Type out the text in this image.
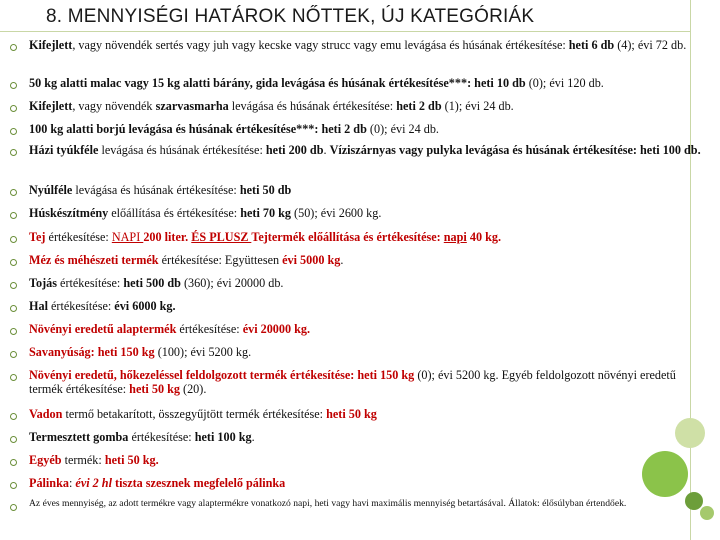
8. MENNYISÉGI HATÁROK NŐTTEK, ÚJ KATEGÓRIÁK
Kifejlett, vagy növendék sertés vagy juh vagy kecske vagy strucc vagy emu levágása és húsának értékesítése: heti 6 db (4); évi 72 db.
50 kg alatti malac vagy 15 kg alatti bárány, gida levágása és húsának értékesítése***: heti 10 db (0); évi 120 db.
Kifejlett, vagy növendék szarvasmarha levágása és húsának értékesítése: heti 2 db (1); évi 24 db.
100 kg alatti borjú levágása és húsának értékesítése***: heti 2 db (0); évi 24 db.
Házi tyúkféle levágása és húsának értékesítése: heti 200 db. Víziszárnyas vagy pulyka levágása és húsának értékesítése: heti 100 db.
Nyúlféle levágása és húsának értékesítése: heti 50 db
Húskészítmény előállítása és értékesítése: heti 70 kg (50); évi 2600 kg.
Tej értékesítése: NAPI 200 liter. ÉS PLUSZ Tejtermék előállítása és értékesítése: napi 40 kg.
Méz és méhészeti termék értékesítése: Együttesen évi 5000 kg.
Tojás értékesítése: heti 500 db (360); évi 20000 db.
Hal értékesítése: évi 6000 kg.
Növényi eredetű alaptermék értékesítése: évi 20000 kg.
Savanyúság: heti 150 kg (100); évi 5200 kg.
Növényi eredetű, hőkezeléssel feldolgozott termék értékesítése: heti 150 kg (0); évi 5200 kg. Egyéb feldolgozott növényi eredetű termék értékesítése: heti 50 kg (20).
Vadon termő betakarított, összegyűjtött termék értékesítése: heti 50 kg
Termesztett gomba értékesítése: heti 100 kg.
Egyéb termék: heti 50 kg.
Pálinka: évi 2 hl tiszta szesznek megfelelő pálinka
Az éves mennyiség, az adott termékre vagy alaptermékre vonatkozó napi, heti vagy havi maximális mennyiség betartásával. Állatok: élősúlyban értendőek.
